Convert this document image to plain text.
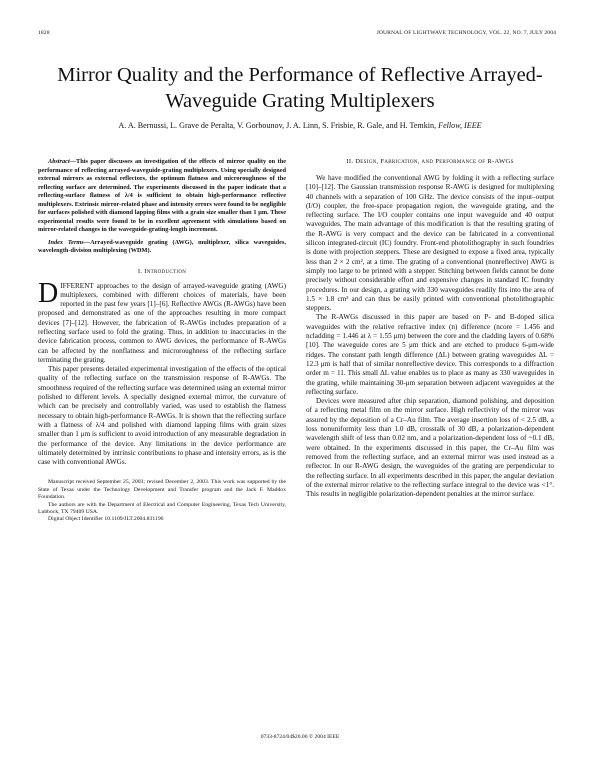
1828	JOURNAL OF LIGHTWAVE TECHNOLOGY, VOL. 22, NO. 7, JULY 2004
Mirror Quality and the Performance of Reflective Arrayed-Waveguide Grating Multiplexers
A. A. Bernussi, L. Grave de Peralta, V. Gorbounov, J. A. Linn, S. Frisbie, R. Gale, and H. Temkin, Fellow, IEEE

Abstract—This paper discusses an investigation of the effects of mirror quality on the performance of reflecting arrayed-waveguide-grating multiplexers. Using specially designed external mirrors as external reflectors, the optimum flatness and microroughness of the reflecting surface are determined. The experiments discussed in the paper indicate that a reflecting-surface flatness of λ/4 is sufficient to obtain high-performance reflective multiplexers. Extrinsic mirror-related phase and intensity errors were found to be negligible for surfaces polished with diamond lapping films with a grain size smaller than 1 μm. These experimental results were found to be in excellent agreement with simulations based on mirror-related changes in the waveguide-grating-length increment.

Index Terms—Arrayed-waveguide grating (AWG), multiplexer, silica waveguides, wavelength-division multiplexing (WDM).

I. Introduction

DIFFERENT approaches to the design of arrayed-waveguide grating (AWG) multiplexers, combined with different choices of materials, have been reported in the past few years [1]–[6]. Reflective AWGs (R-AWGs) have been proposed and demonstrated as one of the approaches resulting in more compact devices [7]–[12]. However, the fabrication of R-AWGs includes preparation of a reflecting surface used to fold the grating. Thus, in addition to inaccuracies in the device fabrication process, common to AWG devices, the performance of R-AWGs can be affected by the nonflatness and microroughness of the reflecting surface terminating the grating.

This paper presents detailed experimental investigation of the effects of the optical quality of the reflecting surface on the transmission response of R-AWGs. The smoothness required of the reflecting surface was determined using an external mirror polished to different levels. A specially designed external mirror, the curvature of which can be precisely and controllably varied, was used to establish the flatness necessary to obtain high-performance R-AWGs. It is shown that the reflecting surface with a flatness of λ/4 and polished with diamond lapping films with grain sizes smaller than 1 μm is sufficient to avoid introduction of any measurable degradation in the performance of the device. Any limitations in the device performance are ultimately determined by intrinsic contributions to phase and intensity errors, as is the case with conventional AWGs.

Manuscript received September 25, 2003; revised December 2, 2003. This work was supported by the State of Texas under the Technology Development and Transfer program and the Jack F. Maddox Foundation.

The authors are with the Department of Electrical and Computer Engineering, Texas Tech University, Lubbock, TX 79409 USA.

Digital Object Identifier 10.1109/JLT.2004.831196

II. Design, Fabrication, and Performance of R-AWGs

We have modified the conventional AWG by folding it with a reflecting surface [10]–[12]. The Gaussian transmission response R-AWG is designed for multiplexing 40 channels with a separation of 100 GHz. The device consists of the input–output (I/O) coupler, the free-space propagation region, the waveguide grating, and the reflecting surface. The I/O coupler contains one input waveguide and 40 output waveguides. The main advantage of this modification is that the resulting grating of the R-AWG is very compact and the device can be fabricated in a conventional silicon integrated-circuit (IC) foundry. Front-end photolithography in such foundries is done with projection steppers. These are designed to expose a fixed area, typically less than 2 × 2 cm², at a time. The grating of a conventional (nonreflective) AWG is simply too large to be printed with a stepper. Stitching between fields cannot be done precisely without considerable effort and expensive changes in standard IC foundry procedures. In our design, a grating with 330 waveguides readily fits into the area of 1.5 × 1.8 cm² and can thus be easily printed with conventional photolithographic steppers.

The R-AWGs discussed in this paper are based on P- and B-doped silica waveguides with the relative refractive index (n) difference (ncore = 1.456 and ncladding = 1.446 at λ = 1.55 μm) between the core and the cladding layers of 0.68% [10]. The waveguide cores are 5 μm thick and are etched to produce 6-μm-wide ridges. The constant path length difference (ΔL) between grating waveguides ΔL = 12.3 μm is half that of similar nonreflective device. This corresponds to a diffraction order m = 11. This small ΔL value enables us to place as many as 330 waveguides in the grating, while maintaining 30-μm separation between adjacent waveguides at the reflecting surface.

Devices were measured after chip separation, diamond polishing, and deposition of a reflecting metal film on the mirror surface. High reflectivity of the mirror was assured by the deposition of a Cr–Au film. The average insertion loss of < 2.5 dB, a loss nonuniformity less than 1.0 dB, crosstalk of 30 dB, a polarization-dependent wavelength shift of less than 0.02 nm, and a polarization-dependent loss of ~0.1 dB, were obtained. In the experiments discussed in this paper, the Cr–Au film was removed from the reflecting surface, and an external mirror was used instead as a reflector. In our R-AWG design, the waveguides of the grating are perpendicular to the reflecting surface. In all experiments described in this paper, the angular deviation of the external mirror relative to the reflecting surface integral to the device was <1°. This results in negligible polarization-dependent penalties at the mirror surface.

0733-8724/04$20.00 © 2004 IEEE
